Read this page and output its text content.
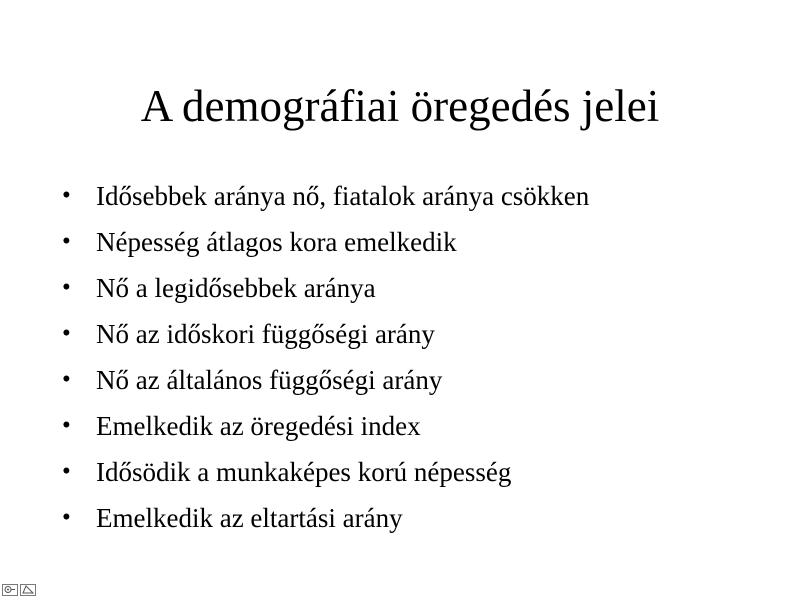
A demográfiai öregedés jelei
• Idősebbek aránya nő, fiatalok aránya csökken
• Népesség átlagos kora emelkedik
• Nő a legidősebbek aránya
• Nő az időskori függőségi arány
• Nő az általános függőségi arány
• Emelkedik az öregedési index
• Idősödik a munkaképes korú népesség
• Emelkedik az eltartási arány
